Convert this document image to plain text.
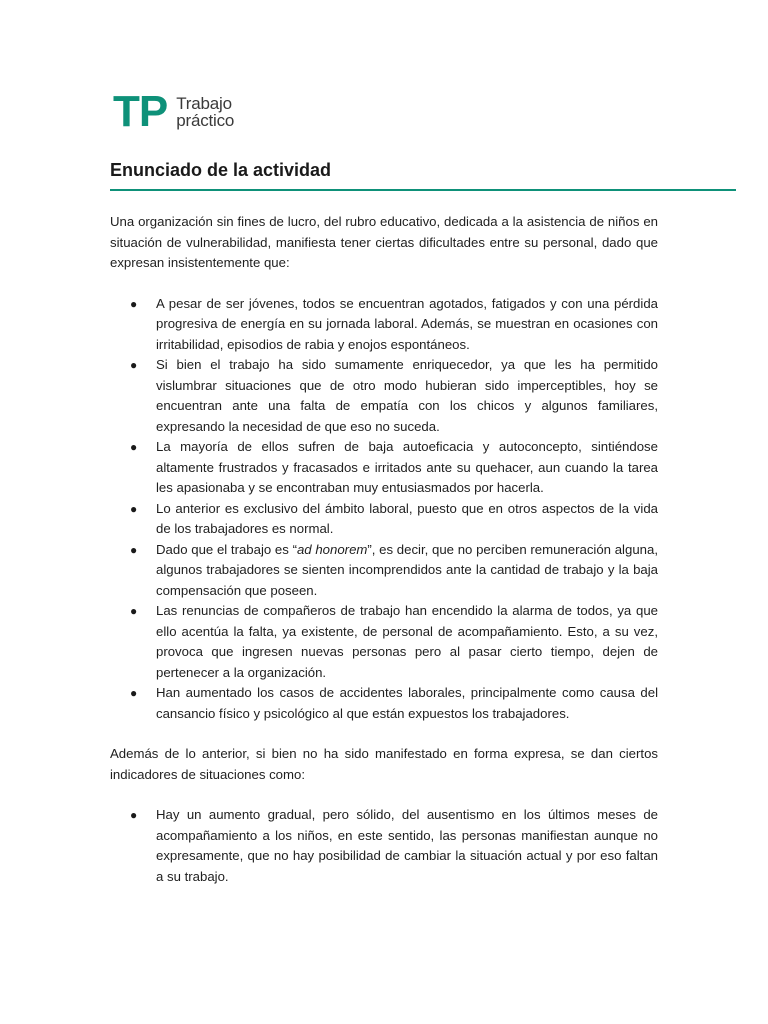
TP Trabajo
práctico
Enunciado de la actividad

Una organización sin fines de lucro, del rubro educativo, dedicada a la asistencia de niños en situación de vulnerabilidad, manifiesta tener ciertas dificultades entre su personal, dado que expresan insistentemente que:

● A pesar de ser jóvenes, todos se encuentran agotados, fatigados y con una pérdida progresiva de energía en su jornada laboral. Además, se muestran en ocasiones con irritabilidad, episodios de rabia y enojos espontáneos.
● Si bien el trabajo ha sido sumamente enriquecedor, ya que les ha permitido vislumbrar situaciones que de otro modo hubieran sido imperceptibles, hoy se encuentran ante una falta de empatía con los chicos y algunos familiares, expresando la necesidad de que eso no suceda.
● La mayoría de ellos sufren de baja autoeficacia y autoconcepto, sintiéndose altamente frustrados y fracasados e irritados ante su quehacer, aun cuando la tarea les apasionaba y se encontraban muy entusiasmados por hacerla.
● Lo anterior es exclusivo del ámbito laboral, puesto que en otros aspectos de la vida de los trabajadores es normal.
● Dado que el trabajo es “ad honorem”, es decir, que no perciben remuneración alguna, algunos trabajadores se sienten incomprendidos ante la cantidad de trabajo y la baja compensación que poseen.
● Las renuncias de compañeros de trabajo han encendido la alarma de todos, ya que ello acentúa la falta, ya existente, de personal de acompañamiento. Esto, a su vez, provoca que ingresen nuevas personas pero al pasar cierto tiempo, dejen de pertenecer a la organización.
● Han aumentado los casos de accidentes laborales, principalmente como causa del cansancio físico y psicológico al que están expuestos los trabajadores.

Además de lo anterior, si bien no ha sido manifestado en forma expresa, se dan ciertos indicadores de situaciones como:

● Hay un aumento gradual, pero sólido, del ausentismo en los últimos meses de acompañamiento a los niños, en este sentido, las personas manifiestan aunque no expresamente, que no hay posibilidad de cambiar la situación actual y por eso faltan a su trabajo.
